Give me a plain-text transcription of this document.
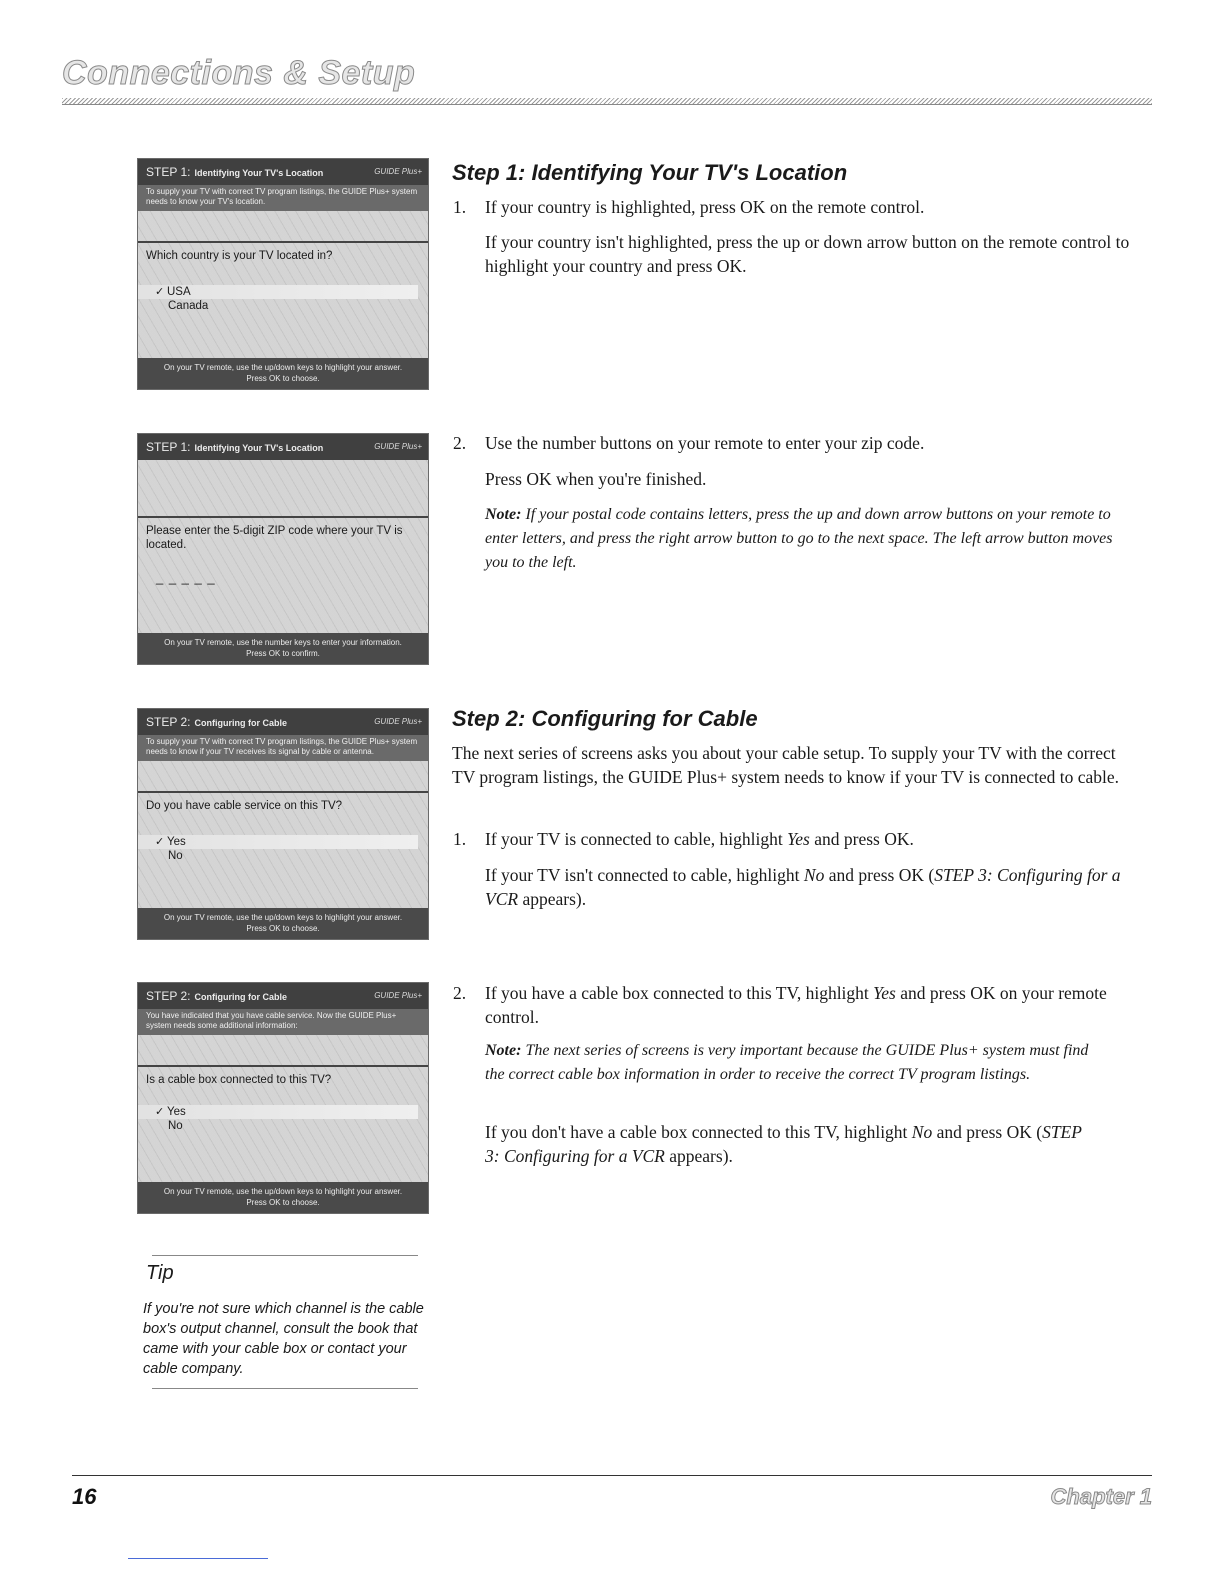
Connections & Setup
STEP 1: Identifying Your TV's Location	GUIDE Plus+
To supply your TV with correct TV program listings, the GUIDE Plus+ system needs to know your TV's location.
Which country is your TV located in?
✓ USA
Canada
On your TV remote, use the up/down keys to highlight your answer.
Press OK to choose.
STEP 1: Identifying Your TV's Location	GUIDE Plus+
Please enter the 5-digit ZIP code where your TV is located.
_ _ _ _ _
On your TV remote, use the number keys to enter your information.
Press OK to confirm.
STEP 2: Configuring for Cable	GUIDE Plus+
To supply your TV with correct TV program listings, the GUIDE Plus+ system needs to know if your TV receives its signal by cable or antenna.
Do you have cable service on this TV?
✓ Yes
No
On your TV remote, use the up/down keys to highlight your answer.
Press OK to choose.
STEP 2: Configuring for Cable	GUIDE Plus+
You have indicated that you have cable service. Now the GUIDE Plus+ system needs some additional information:
Is a cable box connected to this TV?
✓ Yes
No
On your TV remote, use the up/down keys to highlight your answer.
Press OK to choose.
Step 1: Identifying Your TV's Location
1. If your country is highlighted, press OK on the remote control.
If your country isn't highlighted, press the up or down arrow button on the remote control to highlight your country and press OK.
2. Use the number buttons on your remote to enter your zip code.
Press OK when you're finished.
Note: If your postal code contains letters, press the up and down arrow buttons on your remote to enter letters, and press the right arrow button to go to the next space. The left arrow button moves you to the left.
Step 2: Configuring for Cable
The next series of screens asks you about your cable setup. To supply your TV with the correct TV program listings, the GUIDE Plus+ system needs to know if your TV is connected to cable.
1. If your TV is connected to cable, highlight Yes and press OK.
If your TV isn't connected to cable, highlight No and press OK (STEP 3: Configuring for a VCR appears).
2. If you have a cable box connected to this TV, highlight Yes and press OK on your remote control.
Note: The next series of screens is very important because the GUIDE Plus+ system must find the correct cable box information in order to receive the correct TV program listings.
If you don't have a cable box connected to this TV, highlight No and press OK (STEP 3: Configuring for a VCR appears).
Tip
If you're not sure which channel is the cable box's output channel, consult the book that came with your cable box or contact your cable company.
16	Chapter 1
